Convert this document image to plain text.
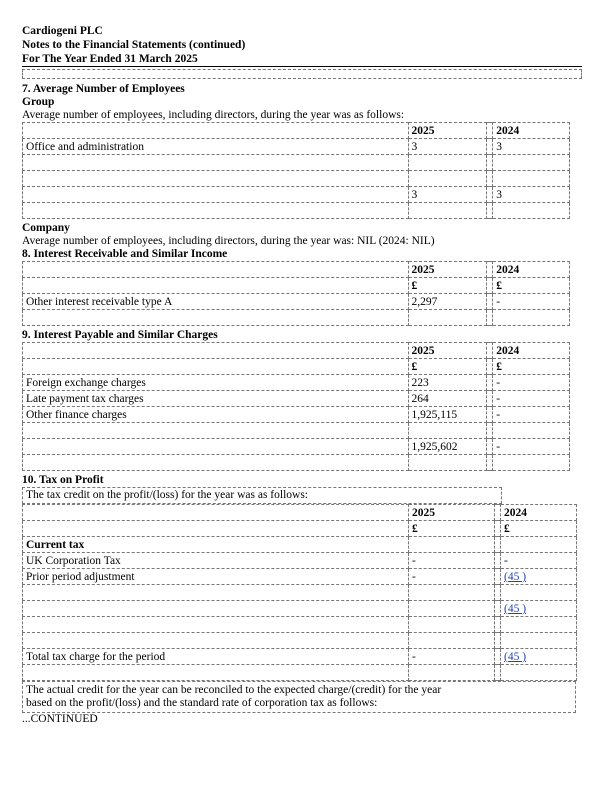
Cardiogeni PLC
Notes to the Financial Statements (continued)
For The Year Ended 31 March 2025
7. Average Number of Employees
Group
Average number of employees, including directors, during the year was as follows:
	2025		2024
Office and administration	3		3

	3		3

Company
Average number of employees, including directors, during the year was: NIL (2024: NIL)
8. Interest Receivable and Similar Income
	2025		2024
	£		£
Other interest receivable type A	2,297		-

9. Interest Payable and Similar Charges
	2025		2024
	£		£
Foreign exchange charges	223		-
Late payment tax charges	264		-
Other finance charges	1,925,115		-

	1,925,602		-

10. Tax on Profit
The tax credit on the profit/(loss) for the year was as follows:
	2025		2024
	£		£
Current tax			
UK Corporation Tax	-		-
Prior period adjustment	-		(45 )

			(45 )

Total tax charge for the period	-		(45 )

The actual credit for the year can be reconciled to the expected charge/(credit) for the year
based on the profit/(loss) and the standard rate of corporation tax as follows:
...CONTINUED
